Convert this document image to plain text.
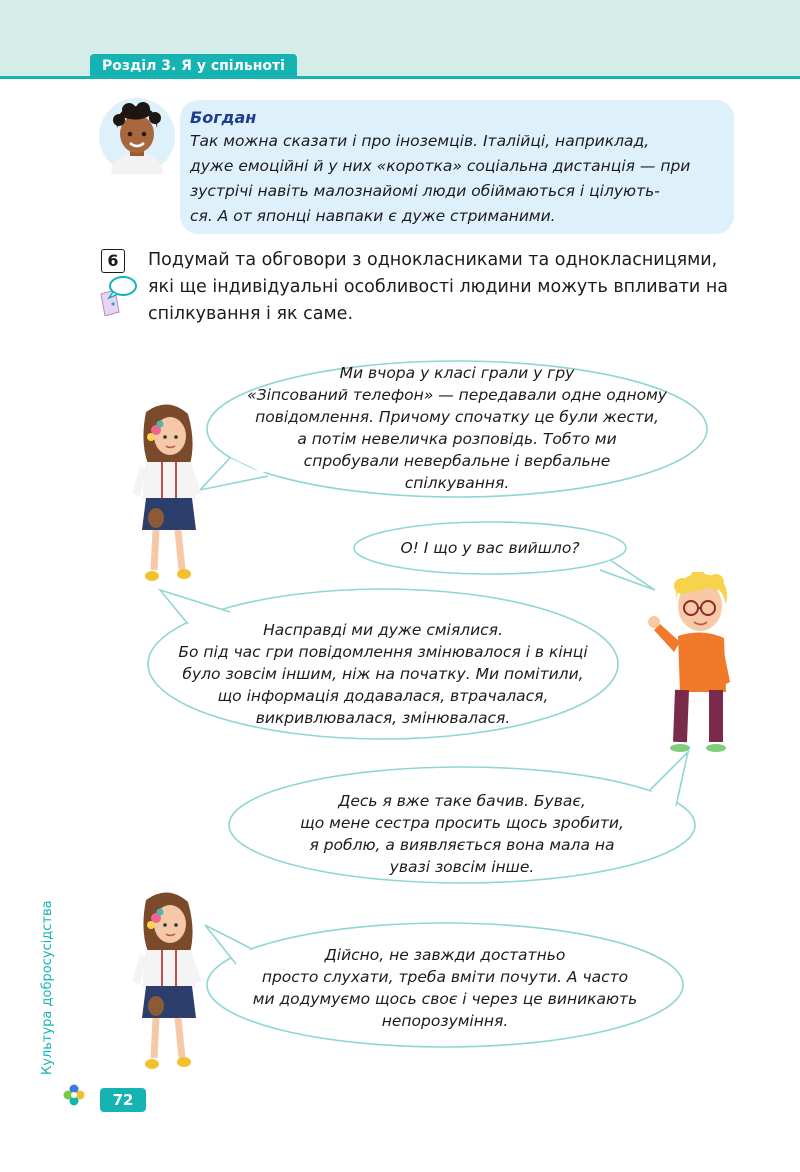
Розділ 3. Я у спільноті
Богдан
Так можна сказати і про іноземців. Італійці, наприклад,
дуже емоційні й у них «коротка» соціальна дистанція — при
зустрічі навіть малознайомі люди обіймаються і цілують-
ся. А от японці навпаки є дуже стриманими.
6	Подумай та обговори з однокласниками та однокласницями,
які ще індивідуальні особливості людини можуть впливати на
спілкування і як саме.
Ми вчора у класі грали у гру
«Зіпсований телефон» — передавали одне одному
повідомлення. Причому спочатку це були жести,
а потім невеличка розповідь. Тобто ми
спробували невербальне і вербальне
спілкування.
О! І що у вас вийшло?
Насправді ми дуже сміялися.
Бо під час гри повідомлення змінювалося і в кінці
було зовсім іншим, ніж на початку. Ми помітили,
що інформація додавалася, втрачалася,
викривлювалася, змінювалася.
Десь я вже таке бачив. Буває,
що мене сестра просить щось зробити,
я роблю, а виявляється вона мала на
увазі зовсім інше.
Дійсно, не завжди достатньо
просто слухати, треба вміти почути. А часто
ми додумуємо щось своє і через це виникають
непорозуміння.
Культура добросусідства
72
